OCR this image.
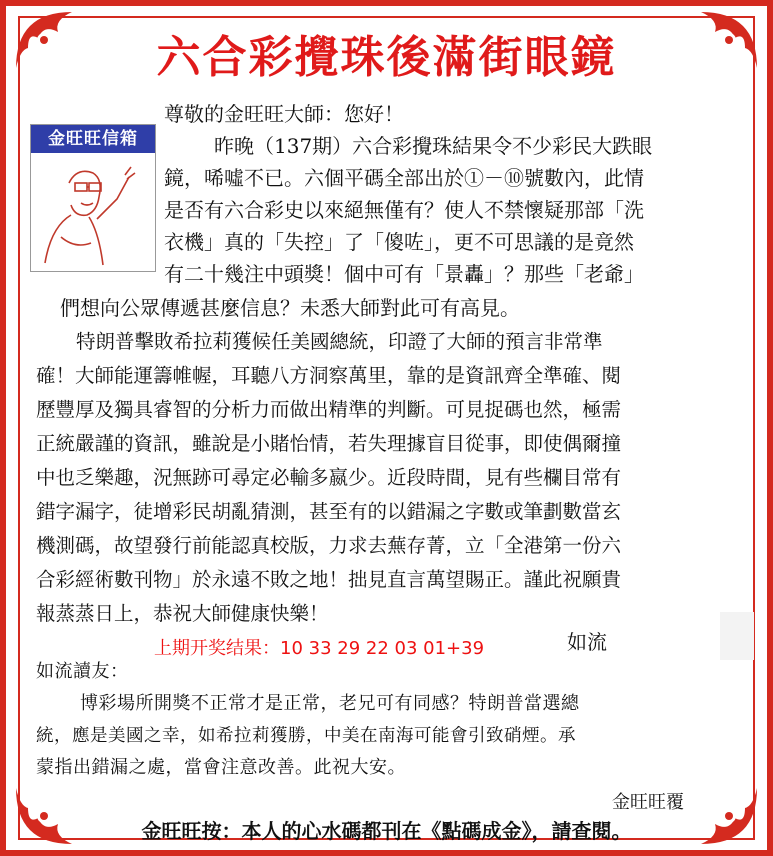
六合彩攪珠後滿街眼鏡
金旺旺信箱
尊敬的金旺旺大師：您好！
昨晚（137期）六合彩攪珠結果令不少彩民大跌眼
鏡，唏噓不已。六個平碼全部出於①－⑩號數內，此情
是否有六合彩史以來絕無僅有？使人不禁懷疑那部「洗
衣機」真的「失控」了「傻咗」，更不可思議的是竟然
有二十幾注中頭獎！個中可有「景轟」？那些「老爺」
們想向公眾傳遞甚麼信息？未悉大師對此可有高見。
特朗普擊敗希拉莉獲候任美國總統，印證了大師的預言非常準
確！大師能運籌帷幄，耳聽八方洞察萬里，靠的是資訊齊全準確、閱
歷豐厚及獨具睿智的分析力而做出精準的判斷。可見捉碼也然，極需
正統嚴謹的資訊，雖說是小賭怡情，若失理據盲目從事，即使偶爾撞
中也乏樂趣，況無跡可尋定必輸多嬴少。近段時間，見有些欄目常有
錯字漏字，徒增彩民胡亂猜測，甚至有的以錯漏之字數或筆劃數當玄
機測碼，故望發行前能認真校版，力求去蕪存菁，立「全港第一份六
合彩經術數刊物」於永遠不敗之地！拙見直言萬望賜正。謹此祝願貴
報蒸蒸日上，恭祝大師健康快樂！
如流
上期开奖结果：10 33 29 22 03 01+39
如流讀友：
博彩場所開獎不正常才是正常，老兄可有同感？特朗普當選總
統，應是美國之幸，如希拉莉獲勝，中美在南海可能會引致硝煙。承
蒙指出錯漏之處，當會注意改善。此祝大安。
金旺旺覆
金旺旺按：本人的心水碼都刊在《點碼成金》，請查閱。
